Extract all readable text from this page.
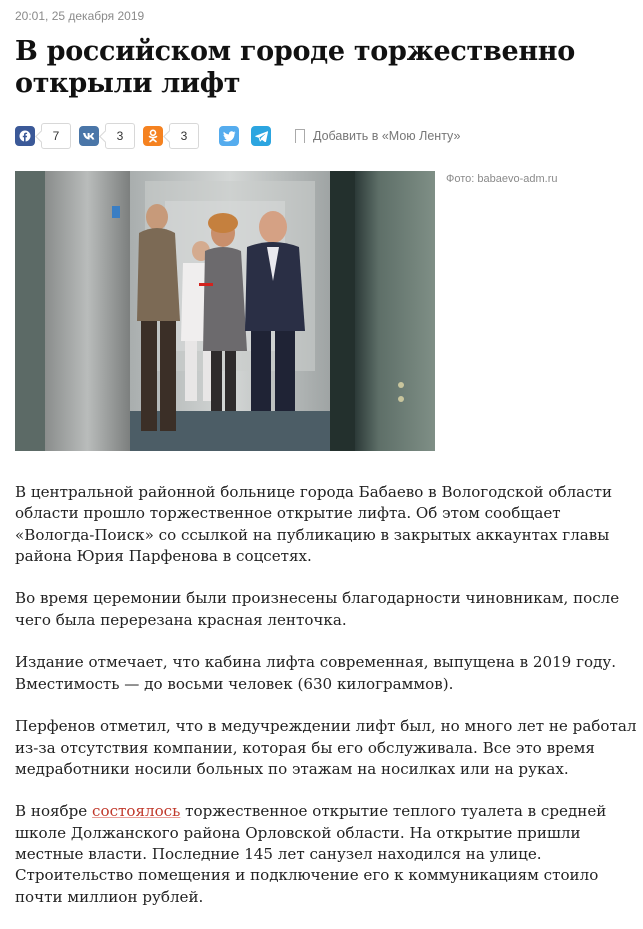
20:01, 25 декабря 2019
В российском городе торжественно открыли лифт
7	3	3	Добавить в «Мою Ленту»
Фото: babaevo-adm.ru

В центральной районной больнице города Бабаево в Вологодской области области прошло торжественное открытие лифта. Об этом сообщает «Вологда-Поиск» со ссылкой на публикацию в закрытых аккаунтах главы района Юрия Парфенова в соцсетях.

Во время церемонии были произнесены благодарности чиновникам, после чего была перерезана красная ленточка.

Издание отмечает, что кабина лифта современная, выпущена в 2019 году. Вместимость — до восьми человек (630 килограммов).

Перфенов отметил, что в медучреждении лифт был, но много лет не работал из-за отсутствия компании, которая бы его обслуживала. Все это время медработники носили больных по этажам на носилках или на руках.

В ноябре состоялось торжественное открытие теплого туалета в средней школе Должанского района Орловской области. На открытие пришли местные власти. Последние 145 лет санузел находился на улице. Строительство помещения и подключение его к коммуникациям стоило почти миллион рублей.
